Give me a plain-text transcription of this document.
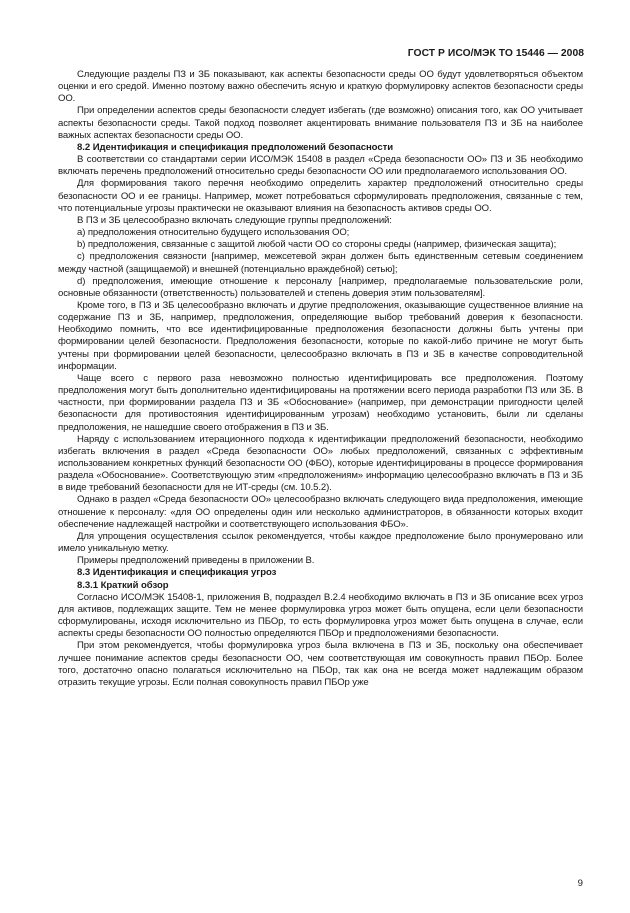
ГОСТ Р ИСО/МЭК ТО 15446 — 2008

Следующие разделы ПЗ и ЗБ показывают, как аспекты безопасности среды ОО будут удовлетворяться объектом оценки и его средой. Именно поэтому важно обеспечить ясную и краткую формулировку аспектов безопасности среды ОО.

При определении аспектов среды безопасности следует избегать (где возможно) описания того, как ОО учитывает аспекты безопасности среды. Такой подход позволяет акцентировать внимание пользователя ПЗ и ЗБ на наиболее важных аспектах безопасности среды ОО.

8.2 Идентификация и спецификация предположений безопасности

В соответствии со стандартами серии ИСО/МЭК 15408 в раздел «Среда безопасности ОО» ПЗ и ЗБ необходимо включать перечень предположений относительно среды безопасности ОО или предполагаемого использования ОО.

Для формирования такого перечня необходимо определить характер предположений относительно среды безопасности ОО и ее границы. Например, может потребоваться сформулировать предположения, связанные с тем, что потенциальные угрозы практически не оказывают влияния на безопасность активов среды ОО.

В ПЗ и ЗБ целесообразно включать следующие группы предположений:

а) предположения относительно будущего использования ОО;

b) предположения, связанные с защитой любой части ОО со стороны среды (например, физическая защита);

с) предположения связности [например, межсетевой экран должен быть единственным сетевым соединением между частной (защищаемой) и внешней (потенциально враждебной) сетью];

d) предположения, имеющие отношение к персоналу [например, предполагаемые пользовательские роли, основные обязанности (ответственность) пользователей и степень доверия этим пользователям].

Кроме того, в ПЗ и ЗБ целесообразно включать и другие предположения, оказывающие существенное влияние на содержание ПЗ и ЗБ, например, предположения, определяющие выбор требований доверия к безопасности. Необходимо помнить, что все идентифицированные предположения безопасности должны быть учтены при формировании целей безопасности. Предположения безопасности, которые по какой-либо причине не могут быть учтены при формировании целей безопасности, целесообразно включать в ПЗ и ЗБ в качестве сопроводительной информации.

Чаще всего с первого раза невозможно полностью идентифицировать все предположения. Поэтому предположения могут быть дополнительно идентифицированы на протяжении всего периода разработки ПЗ или ЗБ. В частности, при формировании раздела ПЗ и ЗБ «Обоснование» (например, при демонстрации пригодности целей безопасности для противостояния идентифицированным угрозам) необходимо установить, были ли сделаны предположения, не нашедшие своего отображения в ПЗ и ЗБ.

Наряду с использованием итерационного подхода к идентификации предположений безопасности, необходимо избегать включения в раздел «Среда безопасности ОО» любых предположений, связанных с эффективным использованием конкретных функций безопасности ОО (ФБО), которые идентифицированы в процессе формирования раздела «Обоснование». Соответствующую этим «предположениям» информацию целесообразно включать в ПЗ и ЗБ в виде требований безопасности для не ИТ-среды (см. 10.5.2).

Однако в раздел «Среда безопасности ОО» целесообразно включать следующего вида предположения, имеющие отношение к персоналу: «для ОО определены один или несколько администраторов, в обязанности которых входит обеспечение надлежащей настройки и соответствующего использования ФБО».

Для упрощения осуществления ссылок рекомендуется, чтобы каждое предположение было пронумеровано или имело уникальную метку.

Примеры предположений приведены в приложении В.

8.3 Идентификация и спецификация угроз

8.3.1 Краткий обзор

Согласно ИСО/МЭК 15408-1, приложения В, подраздел В.2.4 необходимо включать в ПЗ и ЗБ описание всех угроз для активов, подлежащих защите. Тем не менее формулировка угроз может быть опущена, если цели безопасности сформулированы, исходя исключительно из ПБОр, то есть формулировка угроз может быть опущена в случае, если аспекты среды безопасности ОО полностью определяются ПБОр и предположениями безопасности.

При этом рекомендуется, чтобы формулировка угроз была включена в ПЗ и ЗБ, поскольку она обеспечивает лучшее понимание аспектов среды безопасности ОО, чем соответствующая им совокупность правил ПБОр. Более того, достаточно опасно полагаться исключительно на ПБОр, так как она не всегда может надлежащим образом отразить текущие угрозы. Если полная совокупность правил ПБОр уже

9
